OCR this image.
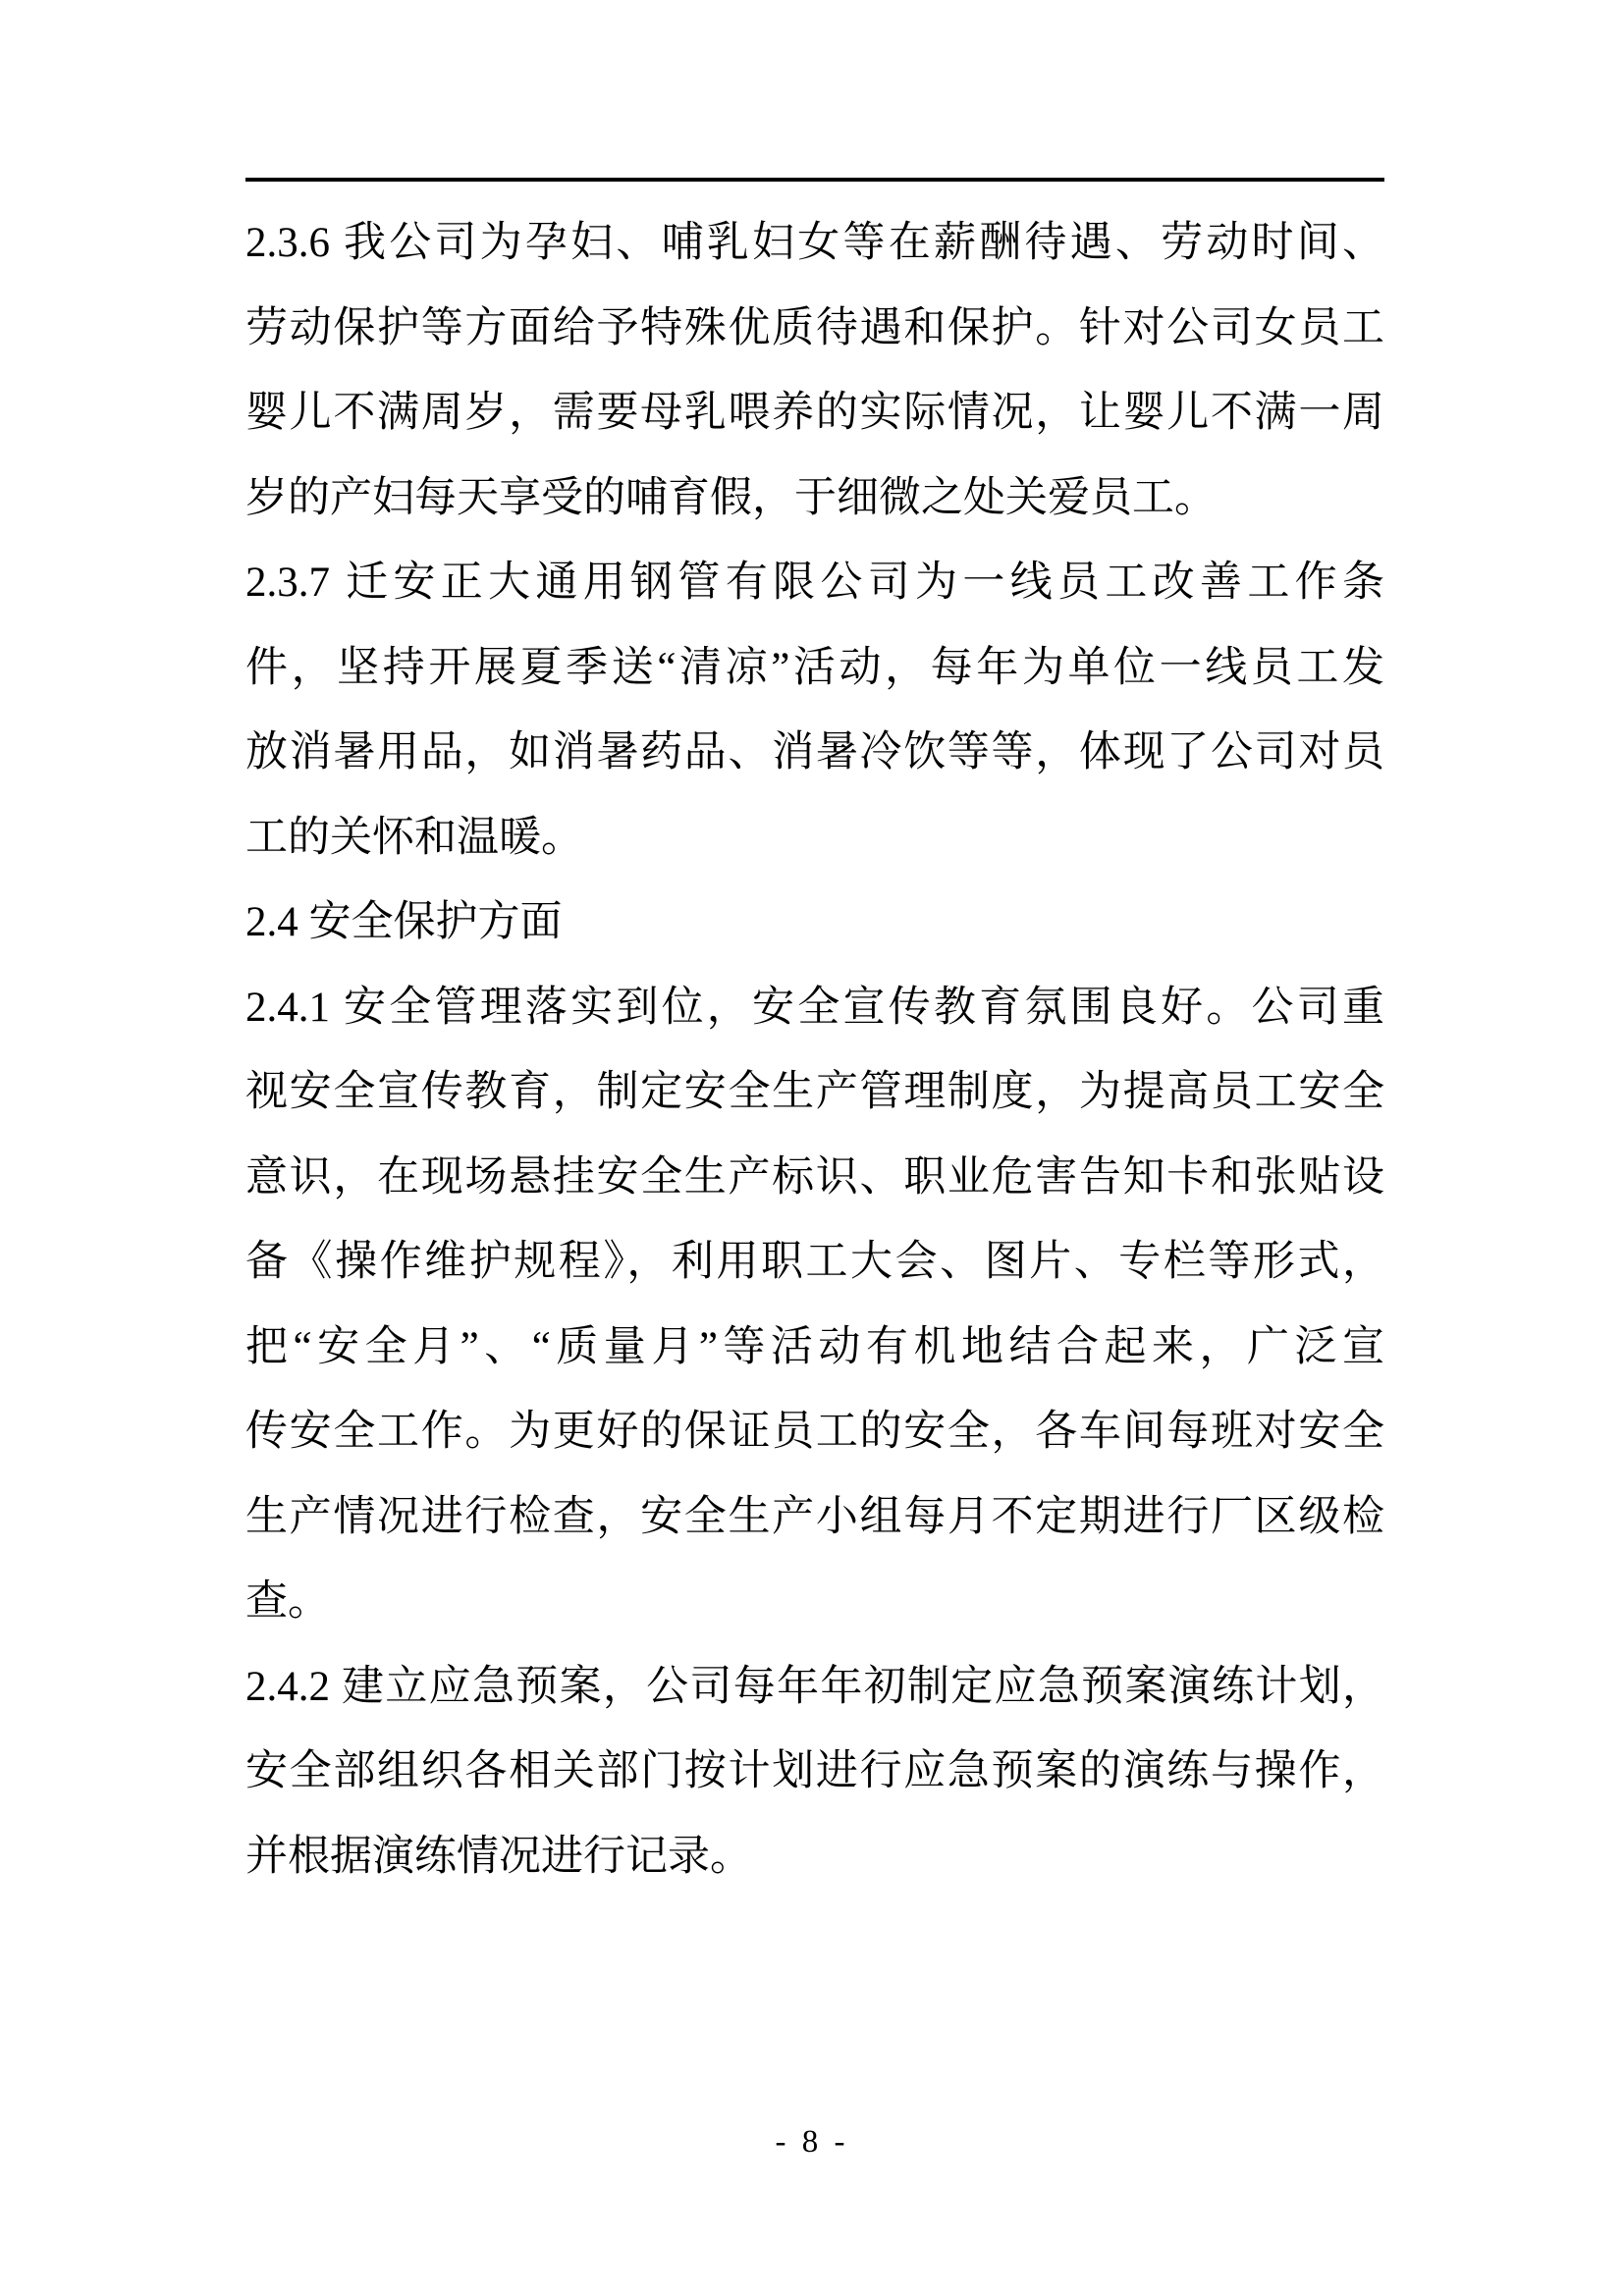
2.3.6 我公司为孕妇、哺乳妇女等在薪酬待遇、劳动时间、
劳动保护等方面给予特殊优质待遇和保护。针对公司女员工
婴儿不满周岁，需要母乳喂养的实际情况，让婴儿不满一周
岁的产妇每天享受的哺育假，于细微之处关爱员工。
2.3.7 迁安正大通用钢管有限公司为一线员工改善工作条
件，坚持开展夏季送“清凉”活动，每年为单位一线员工发
放消暑用品，如消暑药品、消暑冷饮等等，体现了公司对员
工的关怀和温暖。
2.4 安全保护方面
2.4.1 安全管理落实到位，安全宣传教育氛围良好。公司重
视安全宣传教育，制定安全生产管理制度，为提高员工安全
意识，在现场悬挂安全生产标识、职业危害告知卡和张贴设
备《操作维护规程》，利用职工大会、图片、专栏等形式，
把“安全月”、“质量月”等活动有机地结合起来，广泛宣
传安全工作。为更好的保证员工的安全，各车间每班对安全
生产情况进行检查，安全生产小组每月不定期进行厂区级检
查。
2.4.2 建立应急预案，公司每年年初制定应急预案演练计划，
安全部组织各相关部门按计划进行应急预案的演练与操作，
并根据演练情况进行记录。
- 8 -
